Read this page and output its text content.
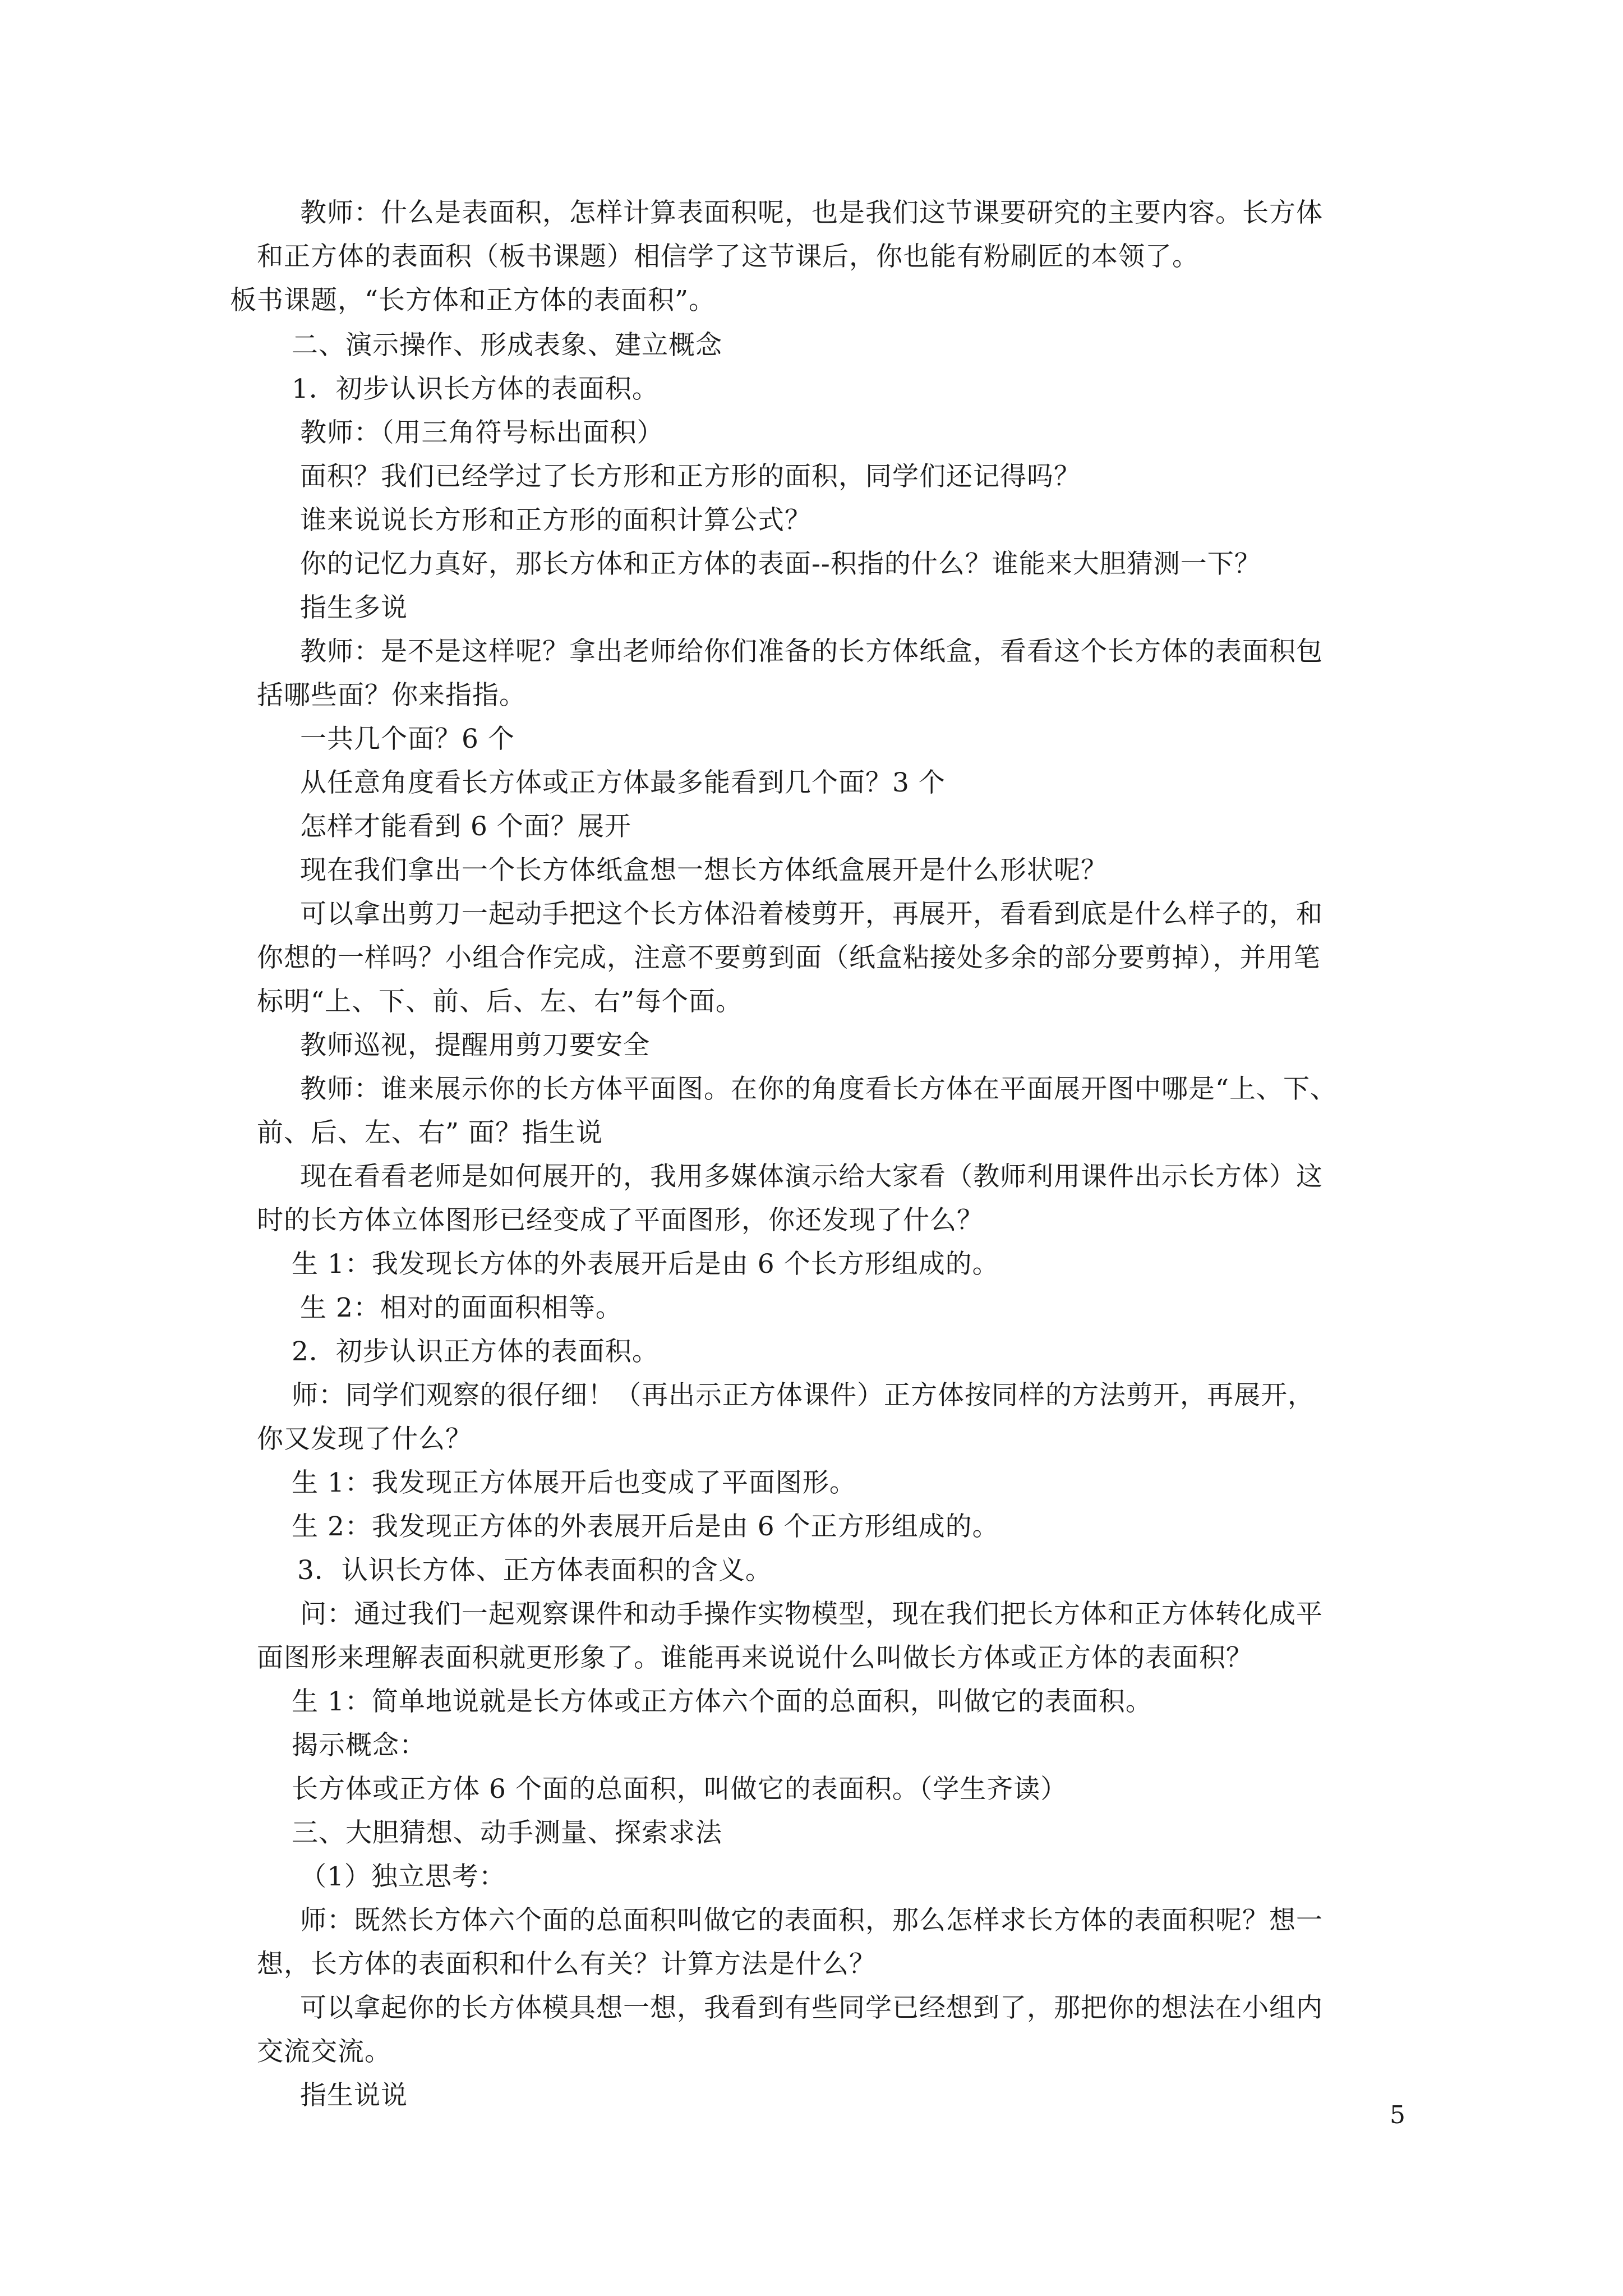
教师：什么是表面积，怎样计算表面积呢，也是我们这节课要研究的主要内容。长方体
和正方体的表面积（板书课题）相信学了这节课后，你也能有粉刷匠的本领了。
板书课题，“长方体和正方体的表面积”。
二、演示操作、形成表象、建立概念
1．初步认识长方体的表面积。
教师：（用三角符号标出面积）
面积？我们已经学过了长方形和正方形的面积，同学们还记得吗？
谁来说说长方形和正方形的面积计算公式？
你的记忆力真好，那长方体和正方体的表面--积指的什么？谁能来大胆猜测一下？
指生多说
教师：是不是这样呢？拿出老师给你们准备的长方体纸盒，看看这个长方体的表面积包
括哪些面？你来指指。
一共几个面？6 个
从任意角度看长方体或正方体最多能看到几个面？3 个
怎样才能看到 6 个面？展开
现在我们拿出一个长方体纸盒想一想长方体纸盒展开是什么形状呢？
可以拿出剪刀一起动手把这个长方体沿着棱剪开，再展开，看看到底是什么样子的，和
你想的一样吗？小组合作完成，注意不要剪到面（纸盒粘接处多余的部分要剪掉），并用笔
标明“上、下、前、后、左、右”每个面。
教师巡视，提醒用剪刀要安全
教师：谁来展示你的长方体平面图。在你的角度看长方体在平面展开图中哪是“上、下、
前、后、左、右” 面？指生说
现在看看老师是如何展开的，我用多媒体演示给大家看（教师利用课件出示长方体）这
时的长方体立体图形已经变成了平面图形，你还发现了什么？
生 1：我发现长方体的外表展开后是由 6 个长方形组成的。
生 2：相对的面面积相等。
2．初步认识正方体的表面积。
师：同学们观察的很仔细！（再出示正方体课件）正方体按同样的方法剪开，再展开，
你又发现了什么？
生 1：我发现正方体展开后也变成了平面图形。
生 2：我发现正方体的外表展开后是由 6 个正方形组成的。
3．认识长方体、正方体表面积的含义。
问：通过我们一起观察课件和动手操作实物模型，现在我们把长方体和正方体转化成平
面图形来理解表面积就更形象了。谁能再来说说什么叫做长方体或正方体的表面积？
生 1：简单地说就是长方体或正方体六个面的总面积，叫做它的表面积。
揭示概念：
长方体或正方体 6 个面的总面积，叫做它的表面积。（学生齐读）
三、大胆猜想、动手测量、探索求法
（1）独立思考：
师：既然长方体六个面的总面积叫做它的表面积，那么怎样求长方体的表面积呢？想一
想，长方体的表面积和什么有关？计算方法是什么？
可以拿起你的长方体模具想一想，我看到有些同学已经想到了，那把你的想法在小组内
交流交流。
指生说说
5
